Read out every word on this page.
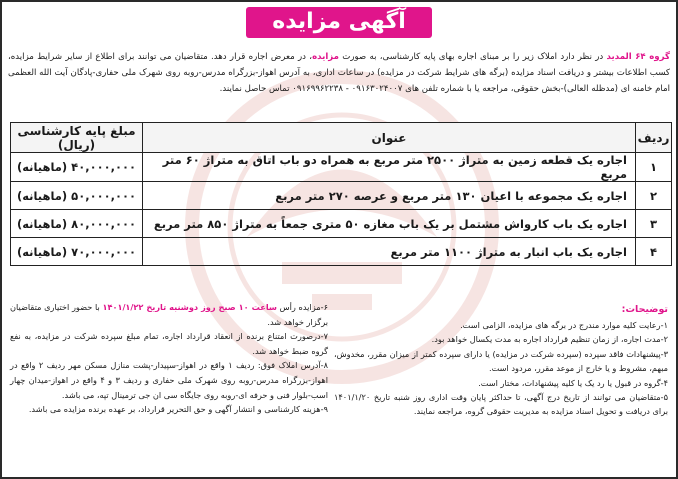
آگهی مزایده
گروه ۶۴ المدید در نظر دارد املاک زیر را بر مبنای اجاره بهای پایه کارشناسی، به صورت مزایده، در معرض اجاره قرار دهد. متقاضیان می توانند برای اطلاع از سایر شرایط مزایده، کسب اطلاعات بیشتر و دریافت اسناد مزایده (برگه های شرایط شرکت در مزایده) در ساعات اداری، به آدرس اهواز-بزرگراه مدرس-روبه روی شهرک ملی حفاری-پادگان آیت الله العظمی امام خامنه ای (مدظله العالی)-بخش حقوقی، مراجعه یا با شماره تلفن های ۰۹۱۶۳۰۲۴۰۰۷ - ۰۹۱۶۹۹۶۲۲۳۸ تماس حاصل نمایند.
ردیف	عنوان	مبلغ پایه کارشناسی (ریال)
۱	اجاره یک قطعه زمین به متراژ ۲۵۰۰ متر مربع به همراه دو باب اتاق به متراژ ۶۰ متر مربع	۴۰,۰۰۰,۰۰۰ (ماهیانه)
۲	اجاره یک مجموعه با اعیان ۱۳۰ متر مربع و عرصه ۲۷۰ متر مربع	۵۰,۰۰۰,۰۰۰ (ماهیانه)
۳	اجاره یک باب کارواش مشتمل بر یک باب مغازه ۵۰ متری جمعاً به متراژ ۸۵۰ متر مربع	۸۰,۰۰۰,۰۰۰ (ماهیانه)
۴	اجاره یک باب انبار به متراژ ۱۱۰۰ متر مربع	۷۰,۰۰۰,۰۰۰ (ماهیانه)
توضیحات:
۱-رعایت کلیه موارد مندرج در برگه های مزایده، الزامی است.
۲-مدت اجاره، از زمان تنظیم قرارداد اجاره به مدت یکسال خواهد بود.
۳-پیشنهادات فاقد سپرده (سپرده شرکت در مزایده) یا دارای سپرده کمتر از میزان مقرر، مخدوش، مبهم، مشروط و یا خارج از موعد مقرر، مردود است.
۴-گروه در قبول یا رد یک یا کلیه پیشنهادات، مختار است.
۵-متقاضیان می توانند از تاریخ درج آگهی، تا حداکثر پایان وقت اداری روز شنبه تاریخ ۱۴۰۱/۱/۲۰ برای دریافت و تحویل اسناد مزایده به مدیریت حقوقی گروه، مراجعه نمایند.
۶-مزایده رأس ساعت ۱۰ صبح روز دوشنبه تاریخ ۱۴۰۱/۱/۲۲ با حضور اختیاری متقاضیان برگزار خواهد شد.
۷-درصورت امتناع برنده از انعقاد قرارداد اجاره، تمام مبلغ سپرده شرکت در مزایده، به نفع گروه ضبط خواهد شد.
۸-آدرس املاک فوق: ردیف ۱ واقع در اهواز-سپیدار-پشت منازل مسکن مهر ردیف ۲ واقع در اهواز-بزرگراه مدرس-روبه روی شهرک ملی حفاری و ردیف ۳ و ۴ واقع در اهواز-میدان چهار اسب-بلوار فنی و حرفه ای-روبه روی جایگاه سی ان جی ترمینال تپه، می باشد.
۹-هزینه کارشناسی و انتشار آگهی و حق التحریر قرارداد، بر عهده برنده مزایده می باشد.
